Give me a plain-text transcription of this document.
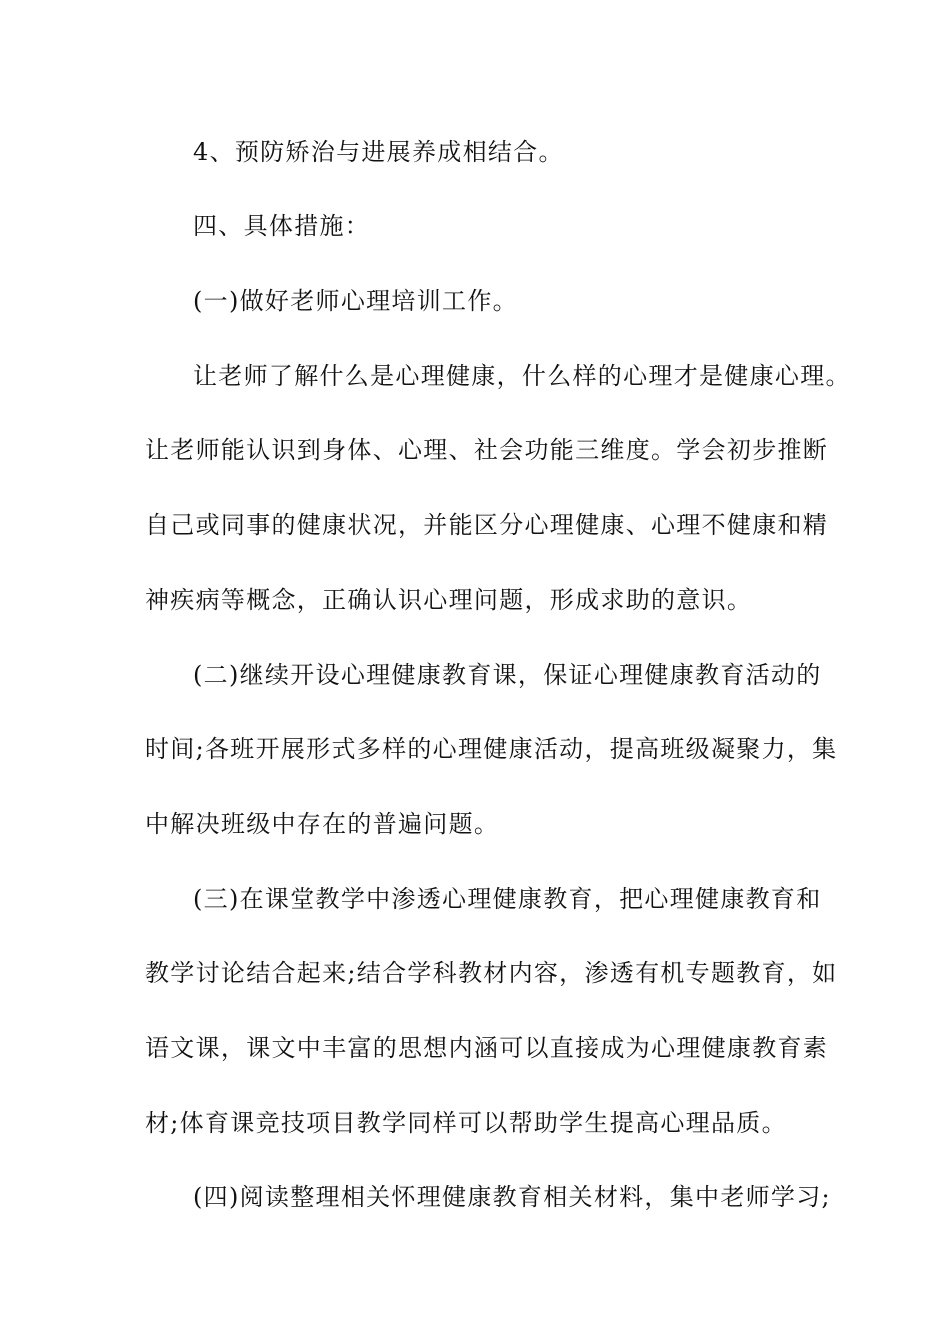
4、预防矫治与进展养成相结合。
四、具体措施：
(一)做好老师心理培训工作。
让老师了解什么是心理健康，什么样的心理才是健康心理。
让老师能认识到身体、心理、社会功能三维度。学会初步推断
自己或同事的健康状况，并能区分心理健康、心理不健康和精
神疾病等概念，正确认识心理问题，形成求助的意识。
(二)继续开设心理健康教育课，保证心理健康教育活动的
时间;各班开展形式多样的心理健康活动，提高班级凝聚力，集
中解决班级中存在的普遍问题。
(三)在课堂教学中渗透心理健康教育，把心理健康教育和
教学讨论结合起来;结合学科教材内容，渗透有机专题教育，如
语文课，课文中丰富的思想内涵可以直接成为心理健康教育素
材;体育课竞技项目教学同样可以帮助学生提高心理品质。
(四)阅读整理相关怀理健康教育相关材料，集中老师学习;
